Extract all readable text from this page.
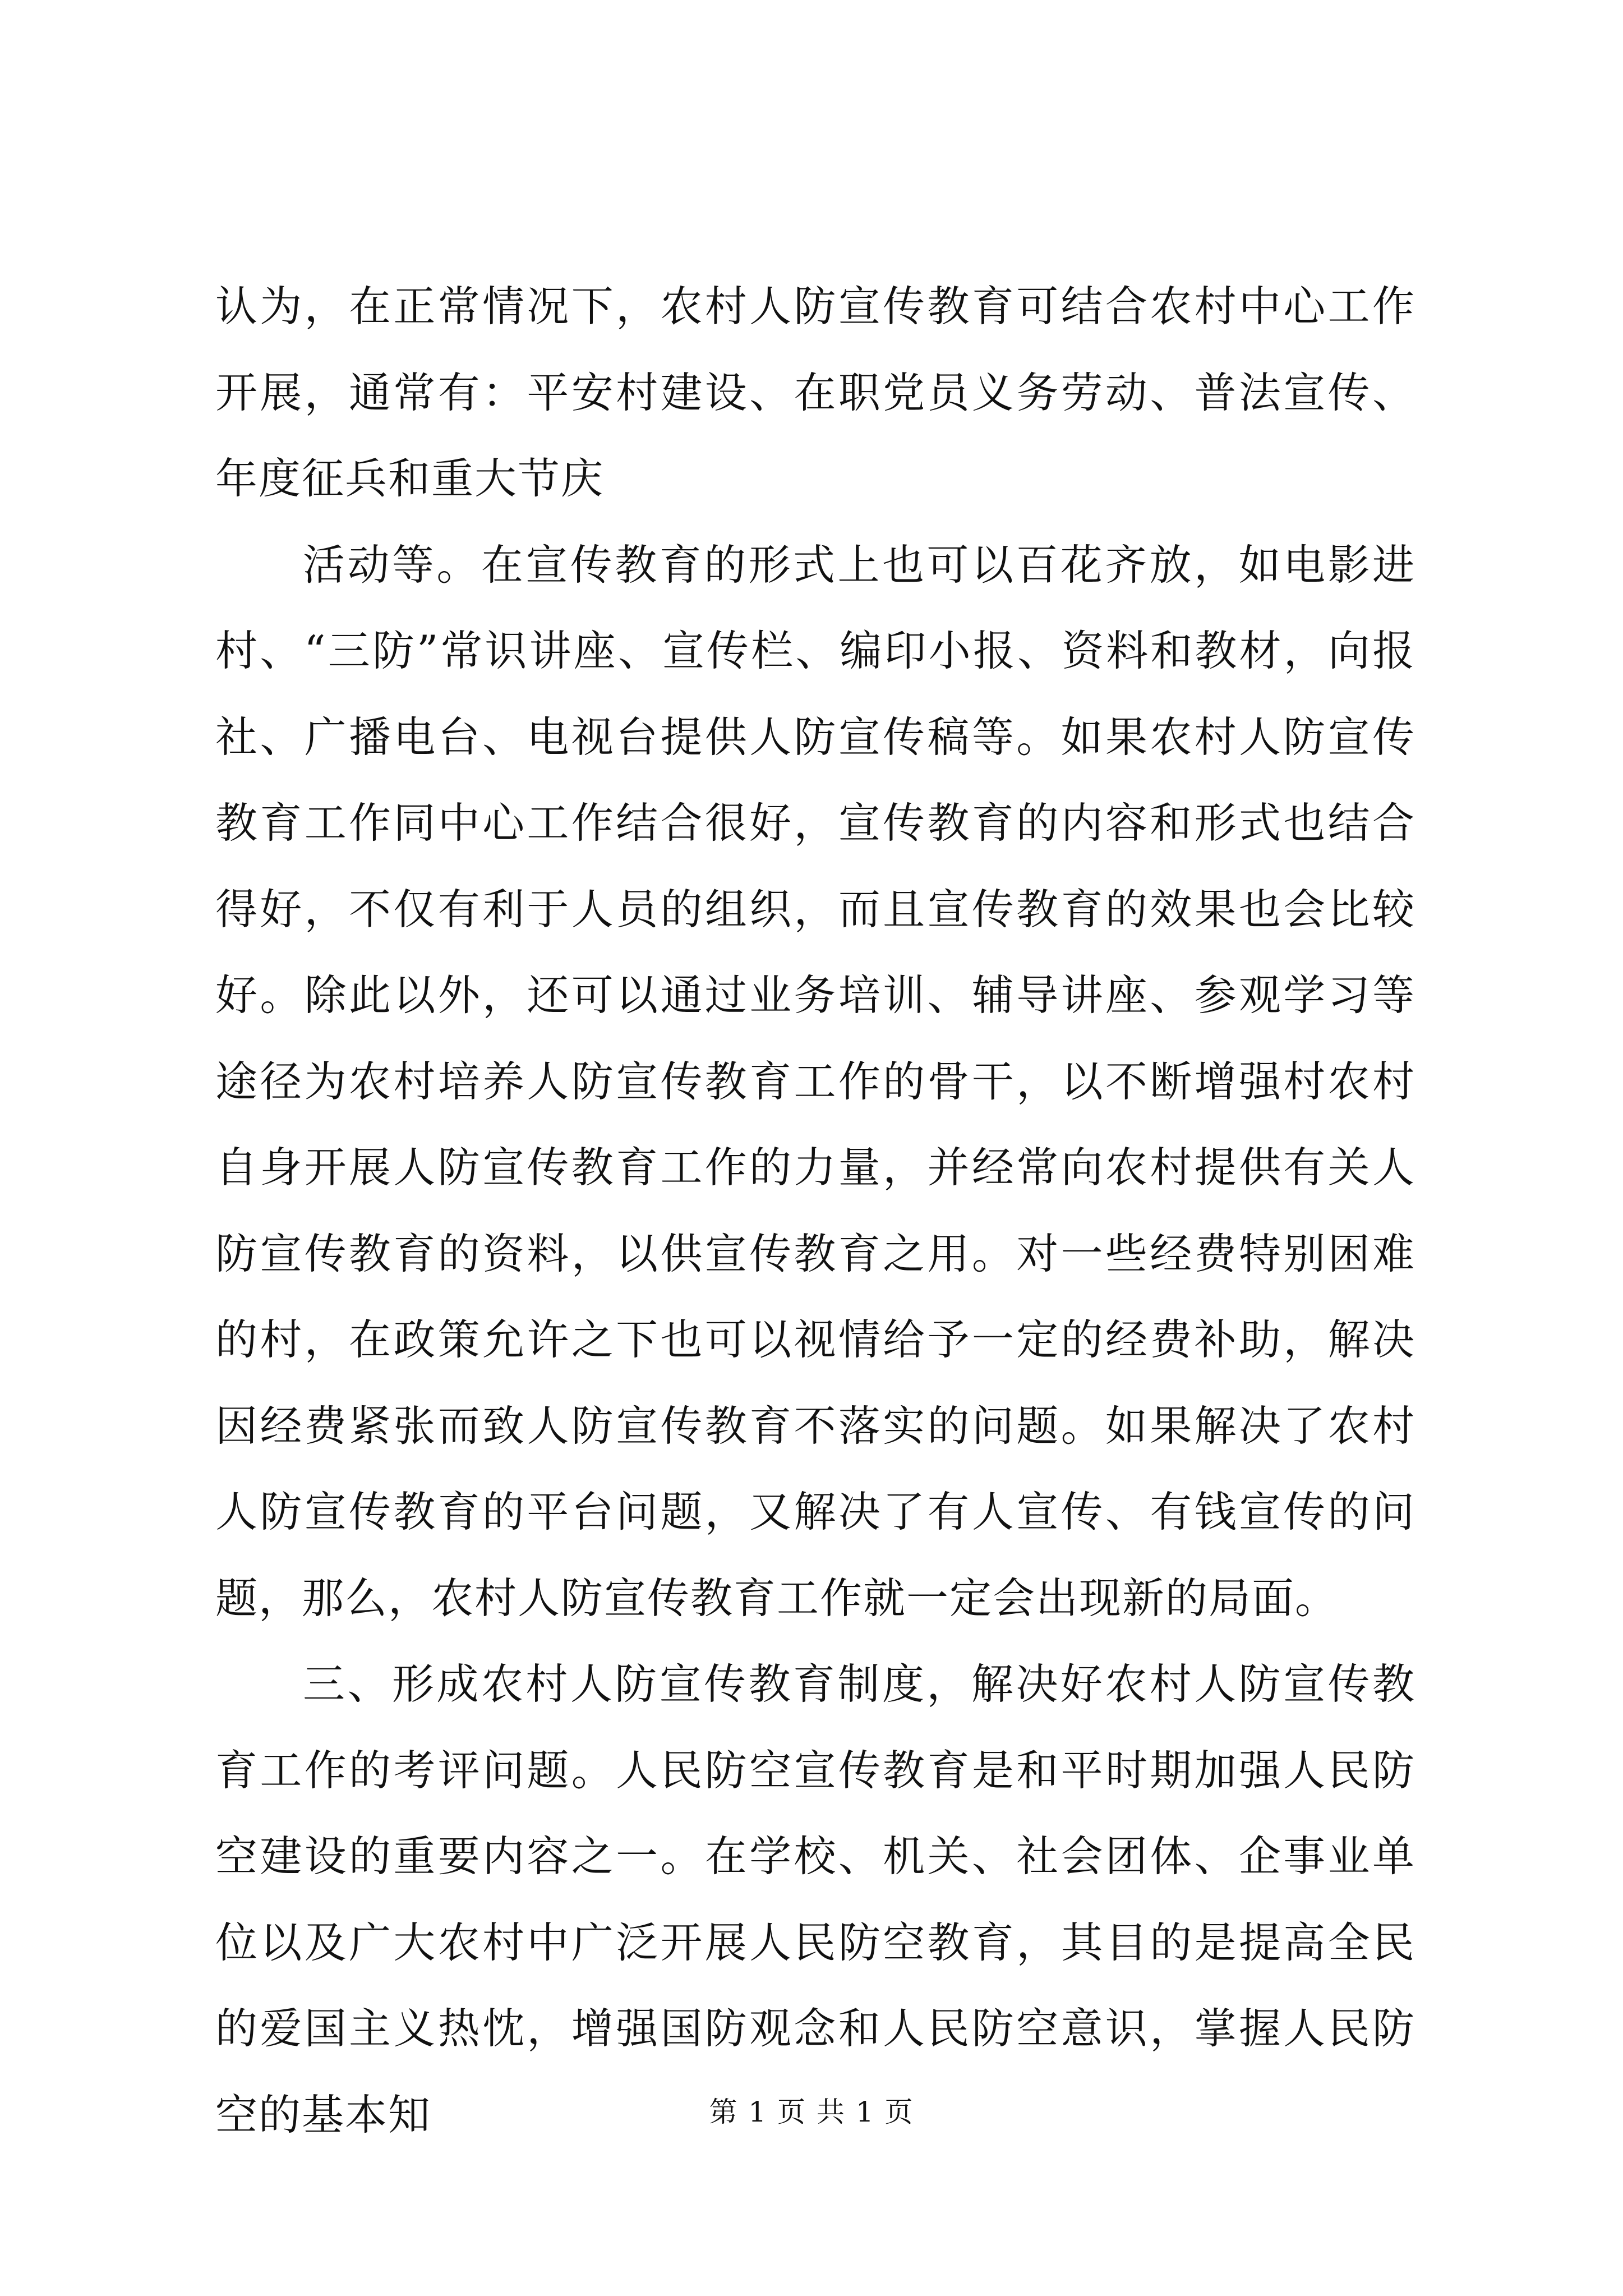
认为，在正常情况下，农村人防宣传教育可结合农村中心工作开展，通常有：平安村建设、在职党员义务劳动、普法宣传、年度征兵和重大节庆

活动等。在宣传教育的形式上也可以百花齐放，如电影进村、“三防”常识讲座、宣传栏、编印小报、资料和教材，向报社、广播电台、电视台提供人防宣传稿等。如果农村人防宣传教育工作同中心工作结合很好，宣传教育的内容和形式也结合得好，不仅有利于人员的组织，而且宣传教育的效果也会比较好。除此以外，还可以通过业务培训、辅导讲座、参观学习等途径为农村培养人防宣传教育工作的骨干，以不断增强村农村自身开展人防宣传教育工作的力量，并经常向农村提供有关人防宣传教育的资料，以供宣传教育之用。对一些经费特别困难的村，在政策允许之下也可以视情给予一定的经费补助，解决因经费紧张而致人防宣传教育不落实的问题。如果解决了农村人防宣传教育的平台问题，又解决了有人宣传、有钱宣传的问题，那么，农村人防宣传教育工作就一定会出现新的局面。

三、形成农村人防宣传教育制度，解决好农村人防宣传教育工作的考评问题。人民防空宣传教育是和平时期加强人民防空建设的重要内容之一。在学校、机关、社会团体、企事业单位以及广大农村中广泛开展人民防空教育，其目的是提高全民的爱国主义热忱，增强国防观念和人民防空意识，掌握人民防空的基本知	第 1 页 共 1 页
